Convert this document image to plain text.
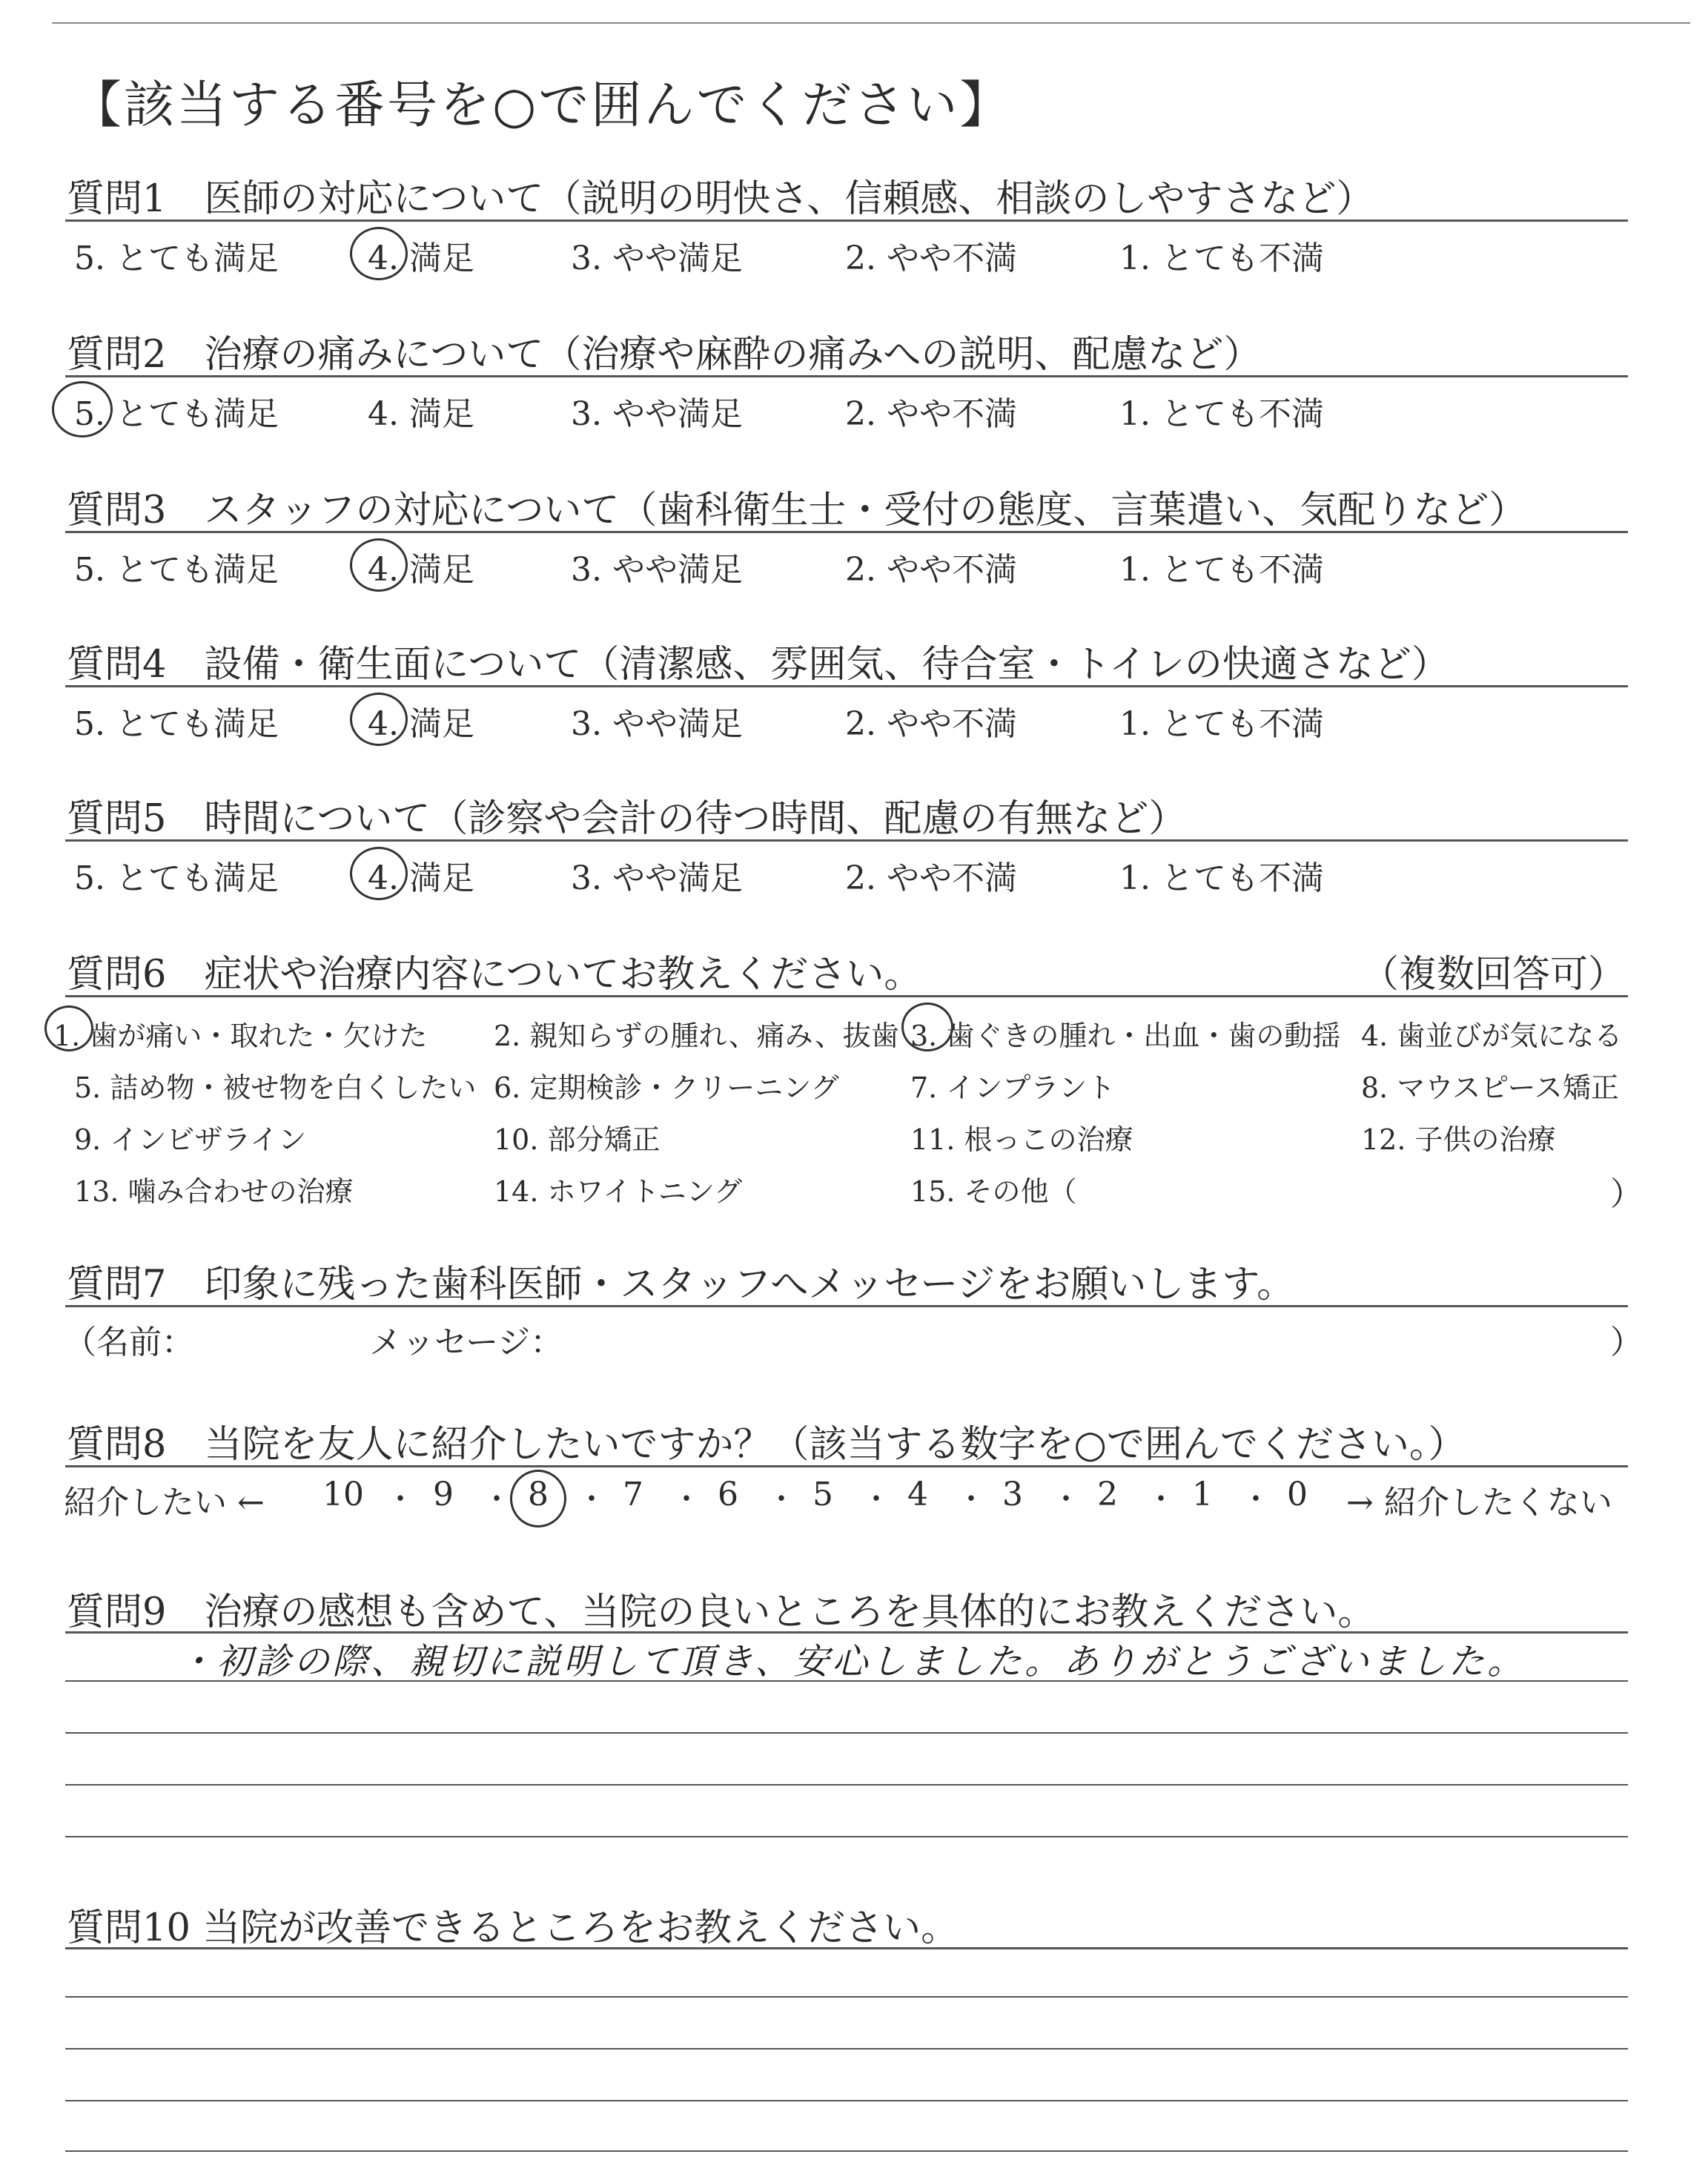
【該当する番号を○で囲んでください】
質問1　医師の対応について（説明の明快さ、信頼感、相談のしやすさなど）
5. とても満足	4. 満足	3. やや満足	2. やや不満	1. とても不満
質問2　治療の痛みについて（治療や麻酔の痛みへの説明、配慮など）
5. とても満足	4. 満足	3. やや満足	2. やや不満	1. とても不満
質問3　スタッフの対応について（歯科衛生士・受付の態度、言葉遣い、気配りなど）
5. とても満足	4. 満足	3. やや満足	2. やや不満	1. とても不満
質問4　設備・衛生面について（清潔感、雰囲気、待合室・トイレの快適さなど）
5. とても満足	4. 満足	3. やや満足	2. やや不満	1. とても不満
質問5　時間について（診察や会計の待つ時間、配慮の有無など）
5. とても満足	4. 満足	3. やや満足	2. やや不満	1. とても不満
質問6　症状や治療内容についてお教えください。	（複数回答可）
1. 歯が痛い・取れた・欠けた 2. 親知らずの腫れ、痛み、抜歯 3. 歯ぐきの腫れ・出血・歯の動揺 4. 歯並びが気になる
5. 詰め物・被せ物を白くしたい 6. 定期検診・クリーニング	7. インプラント	8. マウスピース矯正
9. インビザライン	10. 部分矯正	11. 根っこの治療	12. 子供の治療
13. 噛み合わせの治療	14. ホワイトニング	15. その他（	）
質問7　印象に残った歯科医師・スタッフへメッセージをお願いします。
（名前：	メッセージ：	）
質問8　当院を友人に紹介したいですか？（該当する数字を○で囲んでください。）
紹介したい ← 10 ・ 9 ・ 8 ・ 7 ・ 6 ・ 5 ・ 4 ・ 3 ・ 2 ・ 1 ・ 0 → 紹介したくない
質問9　治療の感想も含めて、当院の良いところを具体的にお教えください。
・初診の際、親切に説明して頂き、安心しました。ありがとうございました。
質問10 当院が改善できるところをお教えください。
